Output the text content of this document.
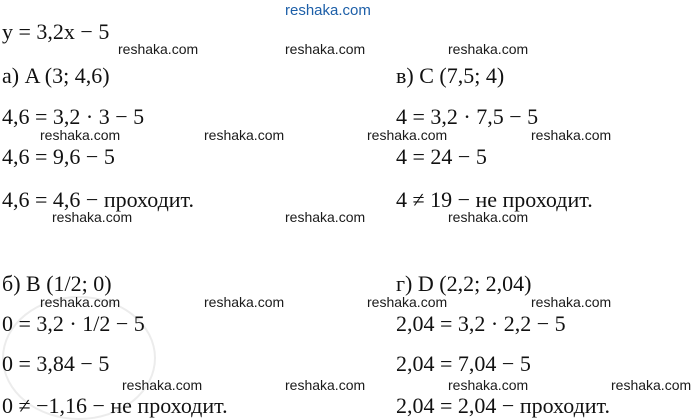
reshaka.com
reshaka.com	reshaka.com	reshaka.com
reshaka.com	reshaka.com	reshaka.com	reshaka.com
reshaka.com	reshaka.com	reshaka.com
reshaka.com	reshaka.com	reshaka.com	reshaka.com
reshaka.com	reshaka.com	reshaka.com	reshaka.com
y = 3,2x − 5
а) A (3; 4,6)
4,6 = 3,2 · 3 − 5
4,6 = 9,6 − 5
4,6 = 4,6 − проходит.
в) C (7,5; 4)
4 = 3,2 · 7,5 − 5
4 = 24 − 5
4 ≠ 19 − не проходит.
б) B (1/2; 0)
0 = 3,2 · 1/2 − 5
0 = 3,84 − 5
0 ≠ −1,16 − не проходит.
г) D (2,2; 2,04)
2,04 = 3,2 · 2,2 − 5
2,04 = 7,04 − 5
2,04 = 2,04 − проходит.
